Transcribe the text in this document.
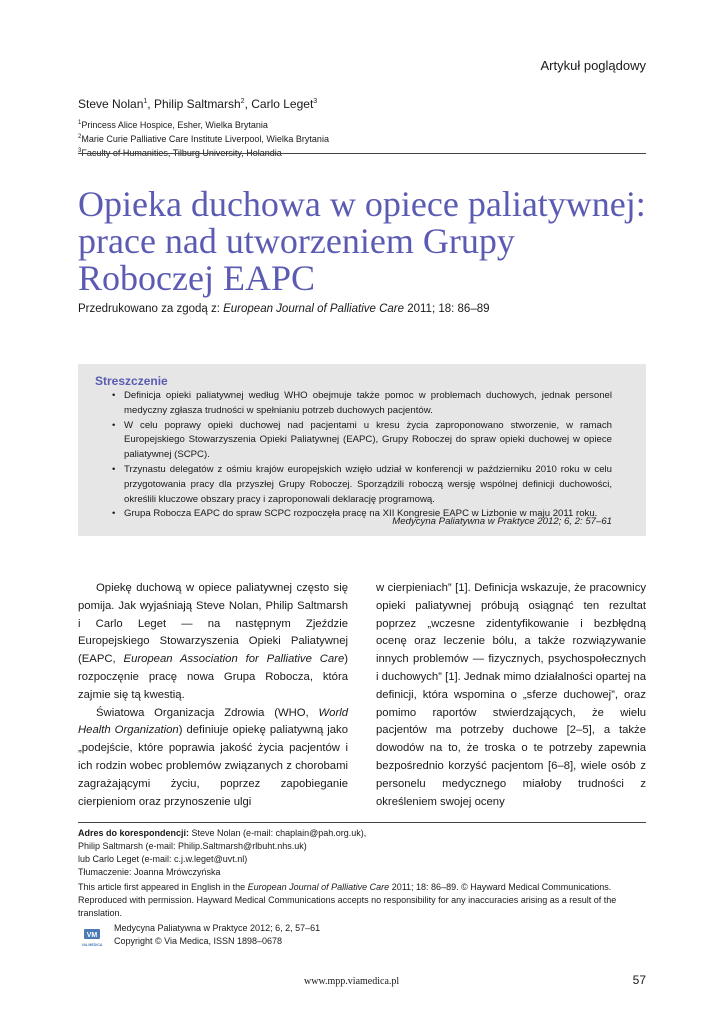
Artykuł poglądowy
Steve Nolan$^1$, Philip Saltmarsh$^2$, Carlo Leget$^3$
$^1$Princess Alice Hospice, Esher, Wielka Brytania
$^2$Marie Curie Palliative Care Institute Liverpool, Wielka Brytania
$^3$Faculty of Humanities, Tilburg University, Holandia
Opieka duchowa w opiece paliatywnej: prace nad utworzeniem Grupy Roboczej EAPC
Przedrukowano za zgodą z: European Journal of Palliative Care 2011; 18: 86–89
Streszczenie
• Definicja opieki paliatywnej według WHO obejmuje także pomoc w problemach duchowych, jednak personel medyczny zgłasza trudności w spełnianiu potrzeb duchowych pacjentów.
• W celu poprawy opieki duchowej nad pacjentami u kresu życia zaproponowano stworzenie, w ramach Europejskiego Stowarzyszenia Opieki Paliatywnej (EAPC), Grupy Roboczej do spraw opieki duchowej w opiece paliatywnej (SCPC).
• Trzynastu delegatów z ośmiu krajów europejskich wzięło udział w konferencji w październiku 2010 roku w celu przygotowania pracy dla przyszłej Grupy Roboczej. Sporządzili roboczą wersję wspólnej definicji duchowości, określili kluczowe obszary pracy i zaproponowali deklarację programową.
• Grupa Robocza EAPC do spraw SCPC rozpoczęła pracę na XII Kongresie EAPC w Lizbonie w maju 2011 roku.
Medycyna Paliatywna w Praktyce 2012; 6, 2: 57–61

Opiekę duchową w opiece paliatywnej często się pomija. Jak wyjaśniają Steve Nolan, Philip Saltmarsh i Carlo Leget — na następnym Zjeździe Europejskiego Stowarzyszenia Opieki Paliatywnej (EAPC, European Association for Palliative Care) rozpoczęnie pracę nowa Grupa Robocza, która zajmie się tą kwestią.

Światowa Organizacja Zdrowia (WHO, World Health Organization) definiuje opiekę paliatywną jako „podejście, które poprawia jakość życia pacjentów i ich rodzin wobec problemów związanych z chorobami zagrażającymi życiu, poprzez zapobieganie cierpieniom oraz przynoszenie ulgi

w cierpieniach” [1]. Definicja wskazuje, że pracownicy opieki paliatywnej próbują osiągnąć ten rezultat poprzez „wczesne zidentyfikowanie i bezbłędną ocenę oraz leczenie bólu, a także rozwiązywanie innych problemów — fizycznych, psychospołecznych i duchowych” [1]. Jednak mimo działalności opartej na definicji, która wspomina o „sferze duchowej”, oraz pomimo raportów stwierdzających, że wielu pacjentów ma potrzeby duchowe [2–5], a także dowodów na to, że troska o te potrzeby zapewnia bezpośrednio korzyść pacjentom [6–8], wiele osób z personelu medycznego miałoby trudności z określeniem swojej oceny

Adres do korespondencji: Steve Nolan (e-mail: chaplain@pah.org.uk),
Philip Saltmarsh (e-mail: Philip.Saltmarsh@rlbuht.nhs.uk)
lub Carlo Leget (e-mail: c.j.w.leget@uvt.nl)
Tłumaczenie: Joanna Mrówczyńska
This article first appeared in English in the European Journal of Palliative Care 2011; 18: 86–89. © Hayward Medical Communications. Reproduced with permission. Hayward Medical Communications accepts no responsibility for any inaccuracies arising as a result of the translation.
VM
VIA MEDICA
Medycyna Paliatywna w Praktyce 2012; 6, 2, 57–61
Copyright © Via Medica, ISSN 1898–0678
www.mpp.viamedica.pl	57
